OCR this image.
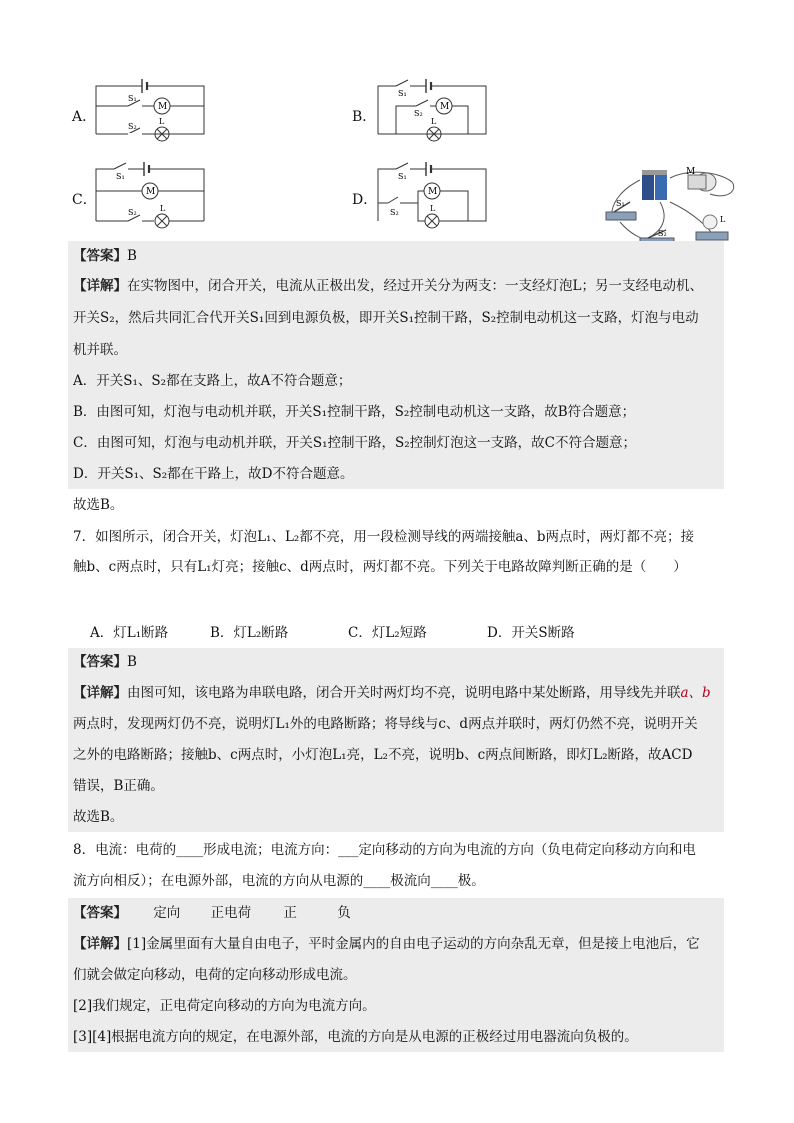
A．	B．
C．	D．
M
S₁
S₂
L
M
S₁
S₂
L
M
S₁
S₂	L
M
S₁
S₂	L
M
S₁
S₂
L
【答案】B
【详解】在实物图中，闭合开关，电流从正极出发，经过开关分为两支：一支经灯泡L；另一支经电动机、
开关S₂，然后共同汇合代开关S₁回到电源负极，即开关S₁控制干路，S₂控制电动机这一支路，灯泡与电动
机并联。
A．开关S₁、S₂都在支路上，故A不符合题意；
B．由图可知，灯泡与电动机并联，开关S₁控制干路，S₂控制电动机这一支路，故B符合题意；
C．由图可知，灯泡与电动机并联，开关S₁控制干路，S₂控制灯泡这一支路，故C不符合题意；
D．开关S₁、S₂都在干路上，故D不符合题意。
故选B。
7．如图所示，闭合开关，灯泡L₁、L₂都不亮，用一段检测导线的两端接触a、b两点时，两灯都不亮；接
触b、c两点时，只有L₁灯亮；接触c、d两点时，两灯都不亮。下列关于电路故障判断正确的是（　　）
A．灯L₁断路	B．灯L₂断路	C．灯L₂短路	D．开关S断路
【答案】B
【详解】由图可知，该电路为串联电路，闭合开关时两灯均不亮，说明电路中某处断路，用导线先并联a、b
两点时，发现两灯仍不亮，说明灯L₁外的电路断路；将导线与c、d两点并联时，两灯仍然不亮，说明开关
之外的电路断路；接触b、c两点时，小灯泡L₁亮，L₂不亮，说明b、c两点间断路，即灯L₂断路，故ACD
错误，B正确。
故选B。
8．电流：电荷的____形成电流；电流方向：___定向移动的方向为电流的方向（负电荷定向移动方向和电
流方向相反）；在电源外部，电流的方向从电源的____极流向____极。
【答案】 定向 正电荷 正	负
【详解】[1]金属里面有大量自由电子，平时金属内的自由电子运动的方向杂乱无章，但是接上电池后，它
们就会做定向移动，电荷的定向移动形成电流。
[2]我们规定，正电荷定向移动的方向为电流方向。
[3][4]根据电流方向的规定，在电源外部，电流的方向是从电源的正极经过用电器流向负极的。
